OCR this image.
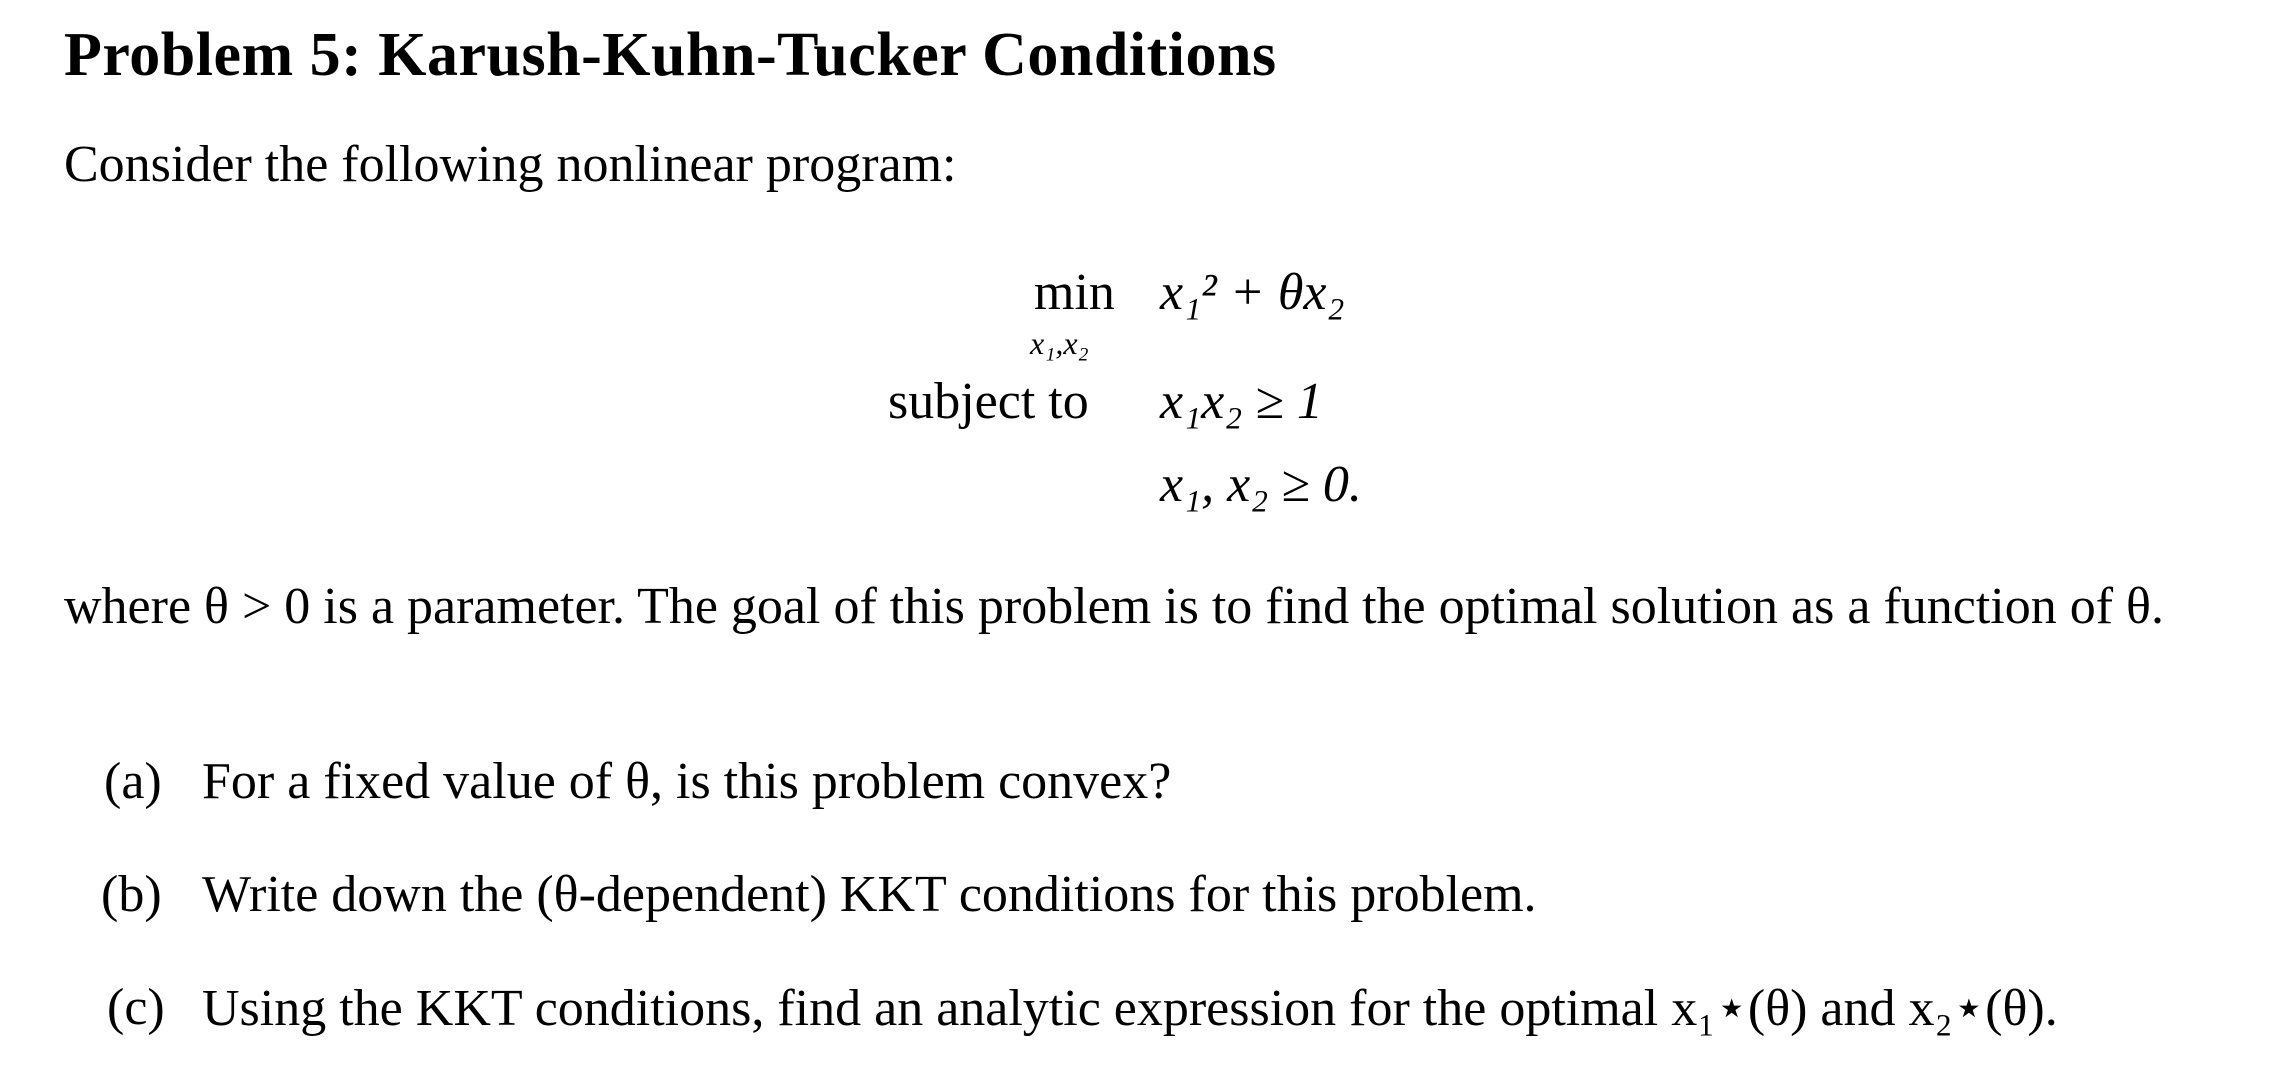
Problem 5: Karush-Kuhn-Tucker Conditions

Consider the following nonlinear program:

min
x₁,x₂
subject to
x₁² + θx₂
x₁x₂ ≥ 1
x₁, x₂ ≥ 0.

where θ > 0 is a parameter. The goal of this problem is to find the optimal solution as a function of θ.

(a) For a fixed value of θ, is this problem convex?
(b) Write down the (θ-dependent) KKT conditions for this problem.
(c) Using the KKT conditions, find an analytic expression for the optimal x₁⋆(θ) and x₂⋆(θ).
